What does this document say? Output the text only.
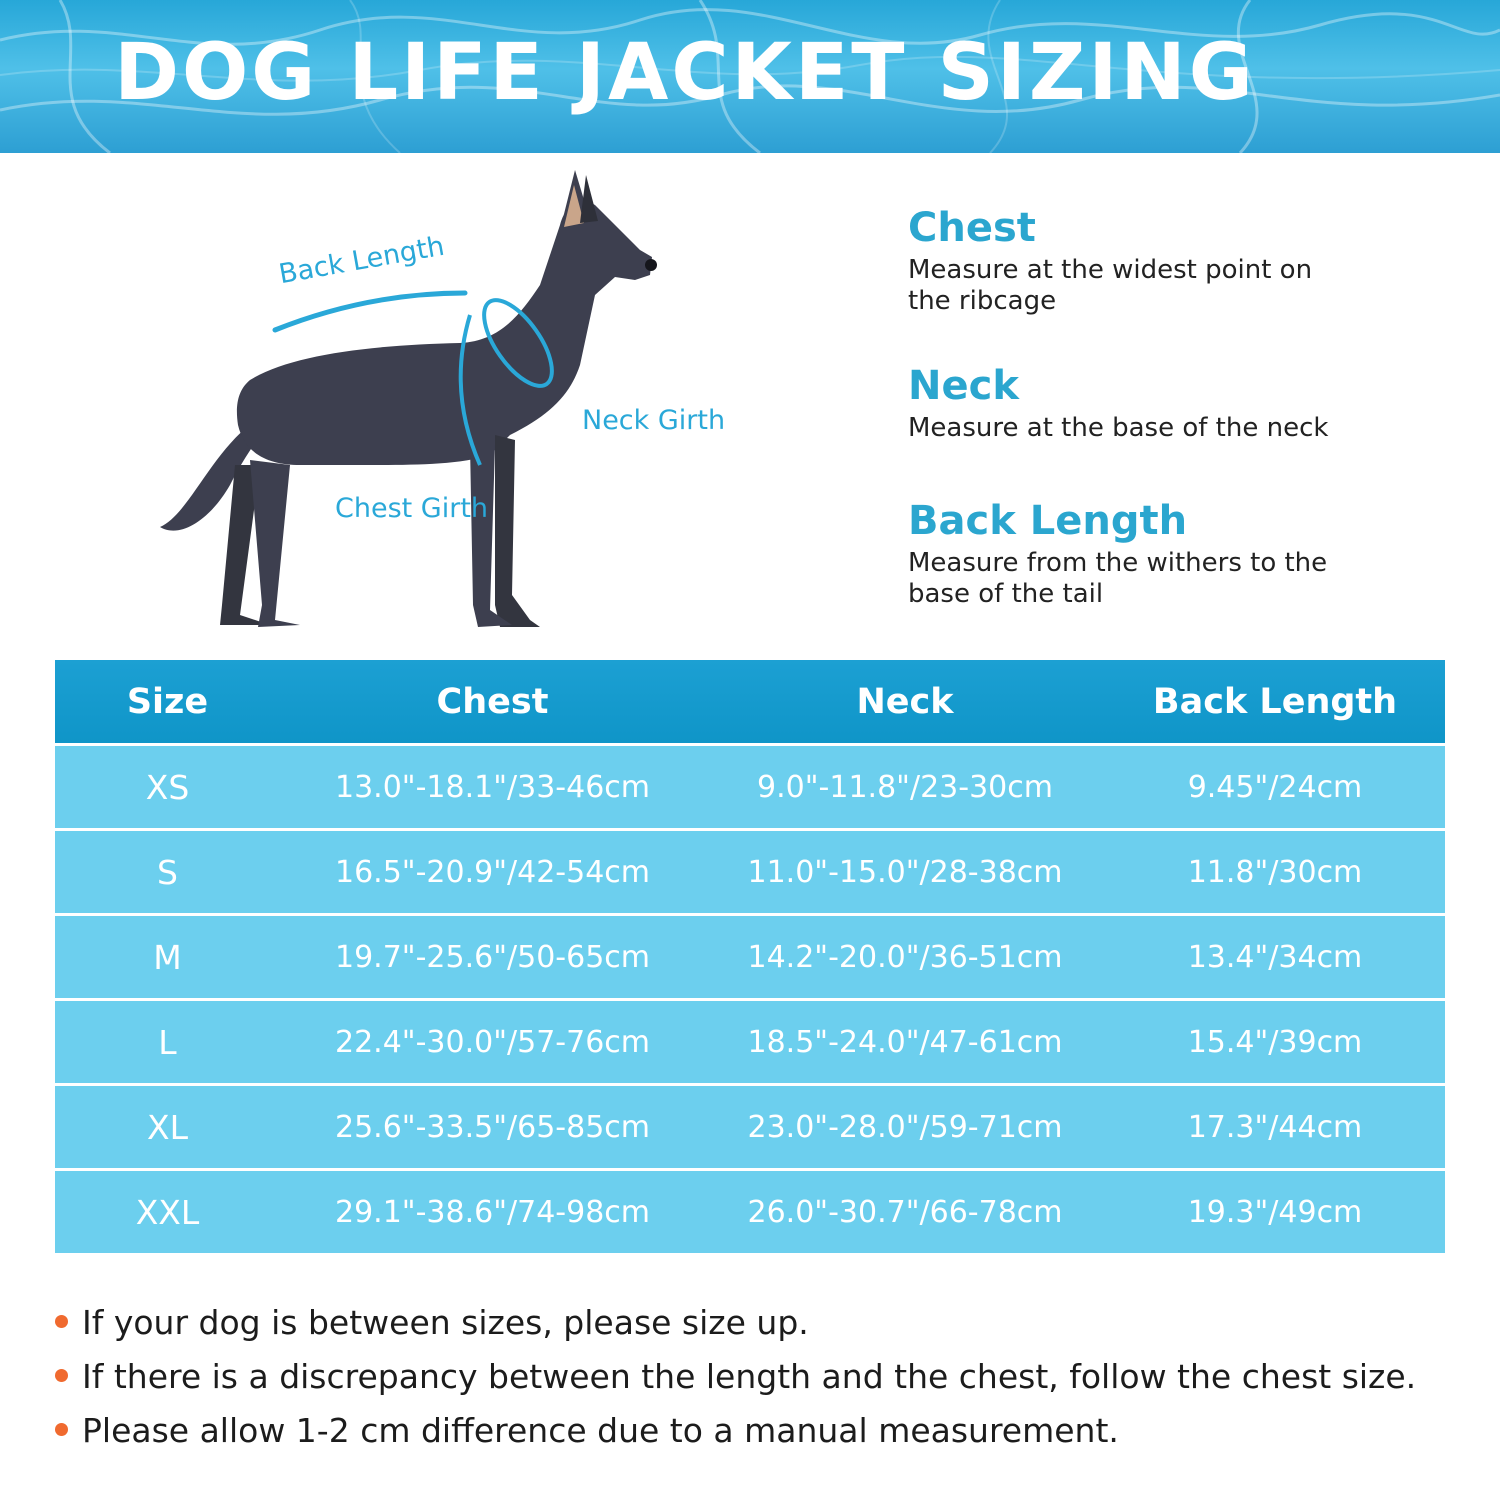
DOG LIFE JACKET SIZING
Back Length
Neck Girth
Chest Girth
Chest

Measure at the widest point on
the ribcage

Neck

Measure at the base of the neck

Back Length

Measure from the withers to the
base of the tail

Size	Chest	Neck	Back Length
XS	13.0"-18.1"/33-46cm	9.0"-11.8"/23-30cm	9.45"/24cm
S	16.5"-20.9"/42-54cm	11.0"-15.0"/28-38cm	11.8"/30cm
M	19.7"-25.6"/50-65cm	14.2"-20.0"/36-51cm	13.4"/34cm
L	22.4"-30.0"/57-76cm	18.5"-24.0"/47-61cm	15.4"/39cm
XL	25.6"-33.5"/65-85cm	23.0"-28.0"/59-71cm	17.3"/44cm
XXL	29.1"-38.6"/74-98cm	26.0"-30.7"/66-78cm	19.3"/49cm
If your dog is between sizes, please size up.
If there is a discrepancy between the length and the chest, follow the chest size.
Please allow 1-2 cm difference due to a manual measurement.
